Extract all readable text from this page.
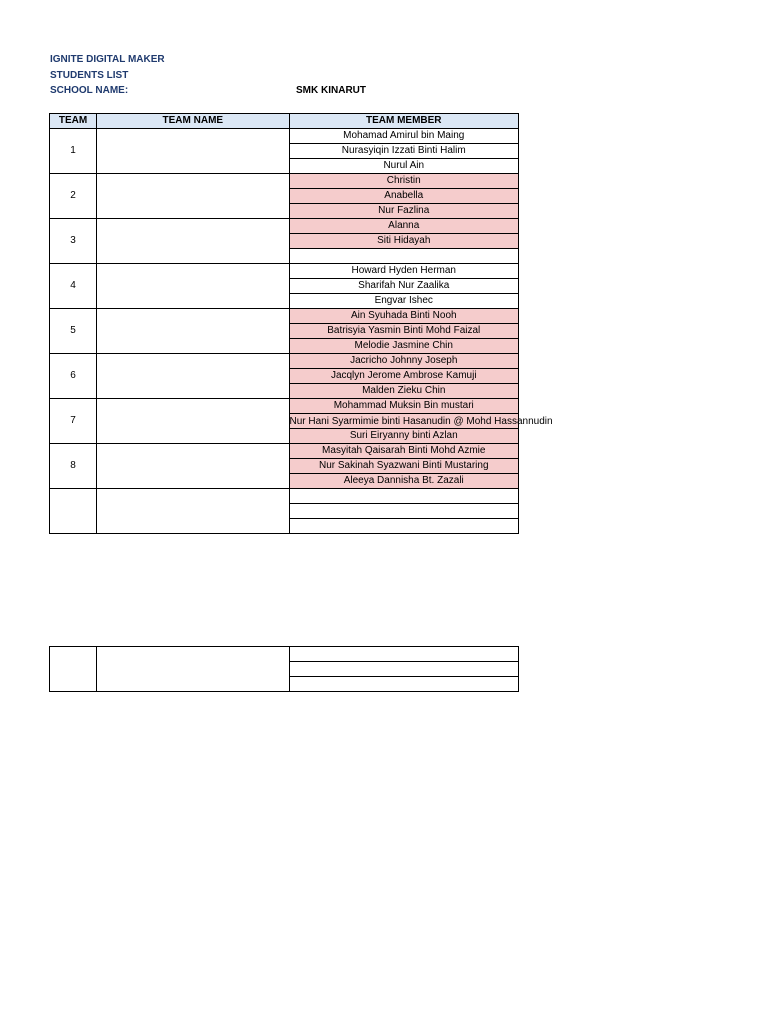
IGNITE DIGITAL MAKER
STUDENTS LIST
SCHOOL NAME:	SMK KINARUT
TEAM	TEAM NAME	TEAM MEMBER
1		Mohamad Amirul bin Maing
		Nurasyiqin Izzati Binti Halim
		Nurul Ain
2		Christin
		Anabella
		Nur Fazlina
3		Alanna
		Siti Hidayah

4		Howard Hyden Herman
		Sharifah Nur Zaalika
		Engvar Ishec
5		Ain Syuhada Binti Nooh
		Batrisyia Yasmin Binti Mohd Faizal
		Melodie Jasmine Chin
6		Jacricho Johnny Joseph
		Jacqlyn Jerome Ambrose Kamuji
		Malden Zieku Chin
7		Mohammad Muksin Bin mustari
		Nur Hani Syarmimie binti Hasanudin @ Mohd Hassannudin
		Suri Eiryanny binti Azlan
8		Masyitah Qaisarah Binti Mohd Azmie
		Nur Sakinah Syazwani Binti Mustaring
		Aleeya Dannisha Bt. Zazali
